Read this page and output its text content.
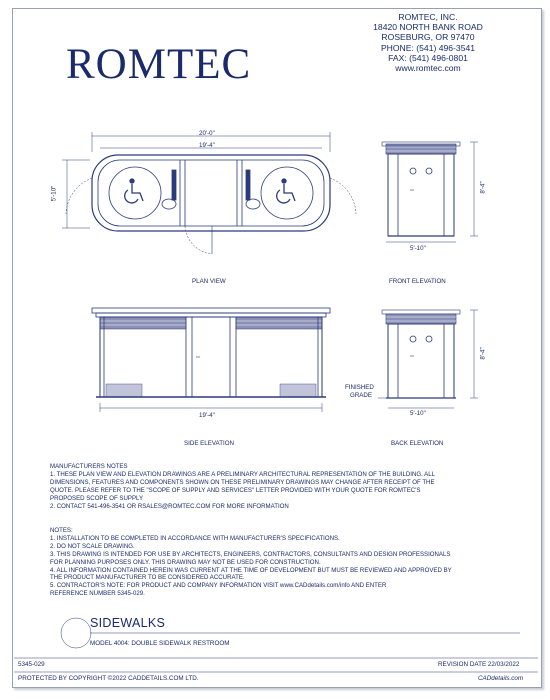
ROMTEC
ROMTEC, INC.
18420 NORTH BANK ROAD
ROSEBURG, OR 97470
PHONE: (541) 496-3541
FAX: (541) 496-0801
www.romtec.com
20'-0"
19'-4"
5'-10"
PLAN VIEW
5'-10"
8'-4"
FRONT ELEVATION
19'-4"
SIDE ELEVATION
FINISHED
GRADE
5'-10"
8'-4"
BACK ELEVATION
MANUFACTURERS NOTES
1. THESE PLAN VIEW AND ELEVATION DRAWINGS ARE A PRELIMINARY ARCHITECTURAL REPRESENTATION OF THE BUILDING. ALL
DIMENSIONS, FEATURES AND COMPONENTS SHOWN ON THESE PRELIMINARY DRAWINGS MAY CHANGE AFTER RECEIPT OF THE
QUOTE. PLEASE REFER TO THE "SCOPE OF SUPPLY AND SERVICES" LETTER PROVIDED WITH YOUR QUOTE FOR ROMTEC'S
PROPOSED SCOPE OF SUPPLY
2. CONTACT 541-496-3541 OR RSALES@ROMTEC.COM FOR MORE INFORMATION
NOTES:
1. INSTALLATION TO BE COMPLETED IN ACCORDANCE WITH MANUFACTURER'S SPECIFICATIONS.
2. DO NOT SCALE DRAWING.
3. THIS DRAWING IS INTENDED FOR USE BY ARCHITECTS, ENGINEERS, CONTRACTORS, CONSULTANTS AND DESIGN PROFESSIONALS
FOR PLANNING PURPOSES ONLY. THIS DRAWING MAY NOT BE USED FOR CONSTRUCTION.
4. ALL INFORMATION CONTAINED HEREIN WAS CURRENT AT THE TIME OF DEVELOPMENT BUT MUST BE REVIEWED AND APPROVED BY
THE PRODUCT MANUFACTURER TO BE CONSIDERED ACCURATE.
5. CONTRACTOR'S NOTE: FOR PRODUCT AND COMPANY INFORMATION VISIT www.CADdetails.com/info AND ENTER
REFERENCE NUMBER 5345-029.
SIDEWALKS
MODEL 4004: DOUBLE SIDEWALK RESTROOM
5345-029	REVISION DATE 22/03/2022
PROTECTED BY COPYRIGHT ©2022 CADDETAILS.COM LTD.	CADdetails.com
